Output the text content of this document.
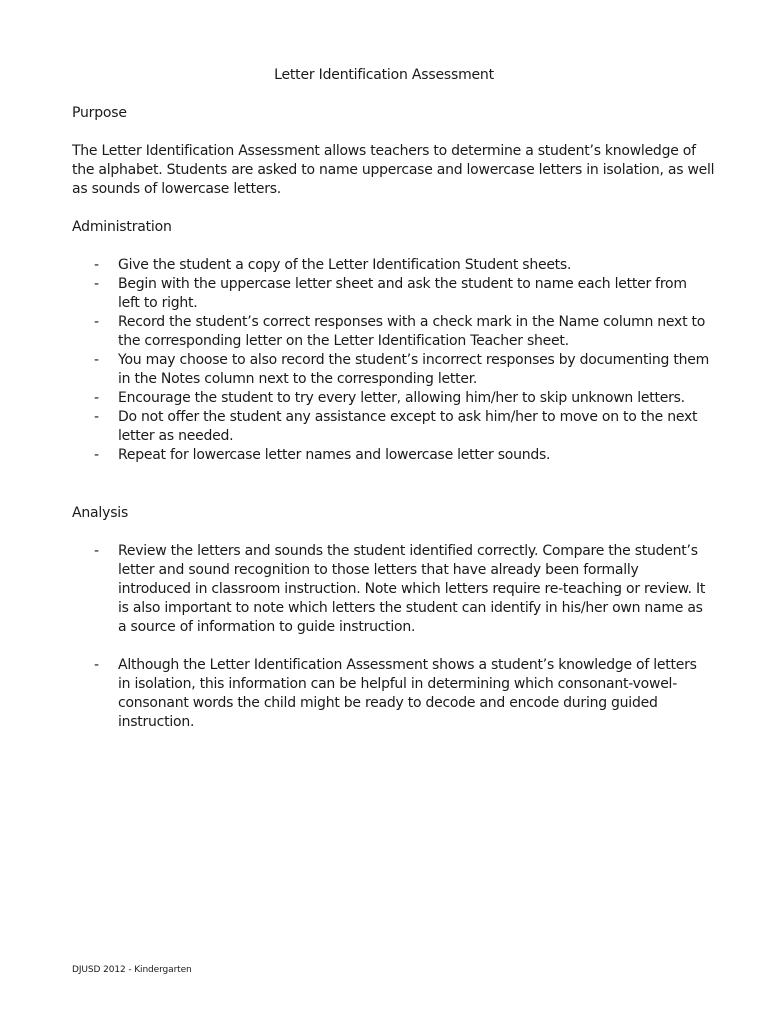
Letter Identification Assessment
Purpose

The Letter Identification Assessment allows teachers to determine a student’s knowledge of the alphabet. Students are asked to name uppercase and lowercase letters in isolation, as well as sounds of lowercase letters.

Administration
- Give the student a copy of the Letter Identification Student sheets.
- Begin with the uppercase letter sheet and ask the student to name each letter from left to right.
- Record the student’s correct responses with a check mark in the Name column next to the corresponding letter on the Letter Identification Teacher sheet.
- You may choose to also record the student’s incorrect responses by documenting them in the Notes column next to the corresponding letter.
- Encourage the student to try every letter, allowing him/her to skip unknown letters.
- Do not offer the student any assistance except to ask him/her to move on to the next letter as needed.
- Repeat for lowercase letter names and lowercase letter sounds.
Analysis
- Review the letters and sounds the student identified correctly. Compare the student’s letter and sound recognition to those letters that have already been formally introduced in classroom instruction. Note which letters require re-teaching or review. It is also important to note which letters the student can identify in his/her own name as a source of information to guide instruction.
- Although the Letter Identification Assessment shows a student’s knowledge of letters in isolation, this information can be helpful in determining which consonant-vowel-consonant words the child might be ready to decode and encode during guided instruction.
DJUSD 2012 - Kindergarten
